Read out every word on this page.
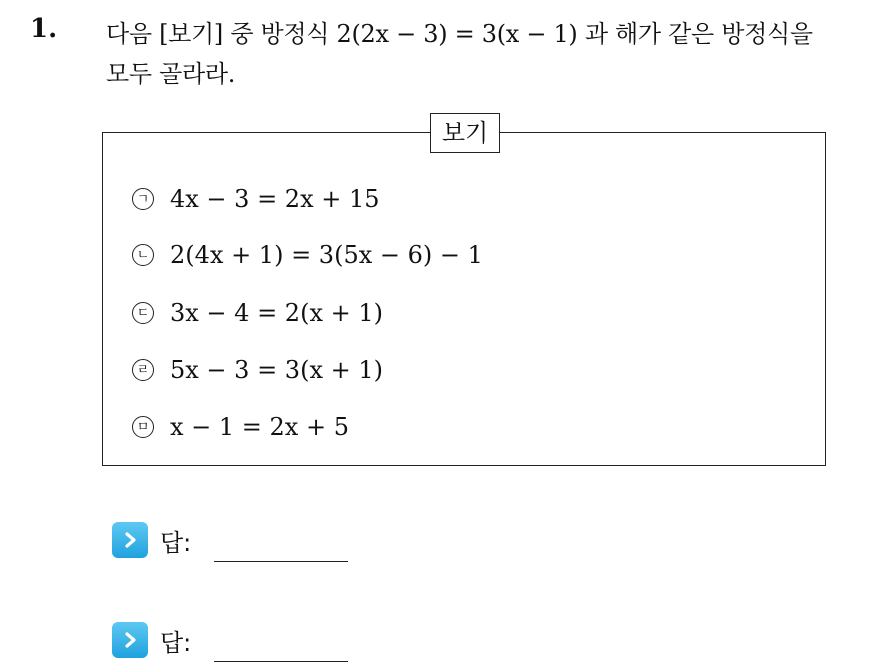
1. 다음 [보기] 중 방정식 2(2x − 3) = 3(x − 1) 과 해가 같은 방정식을
모두 골라라.
보기
ㄱ 4x − 3 = 2x + 15
ㄴ 2(4x + 1) = 3(5x − 6) − 1
ㄷ 3x − 4 = 2(x + 1)
ㄹ 5x − 3 = 3(x + 1)
ㅁ x − 1 = 2x + 5
답:
답:
